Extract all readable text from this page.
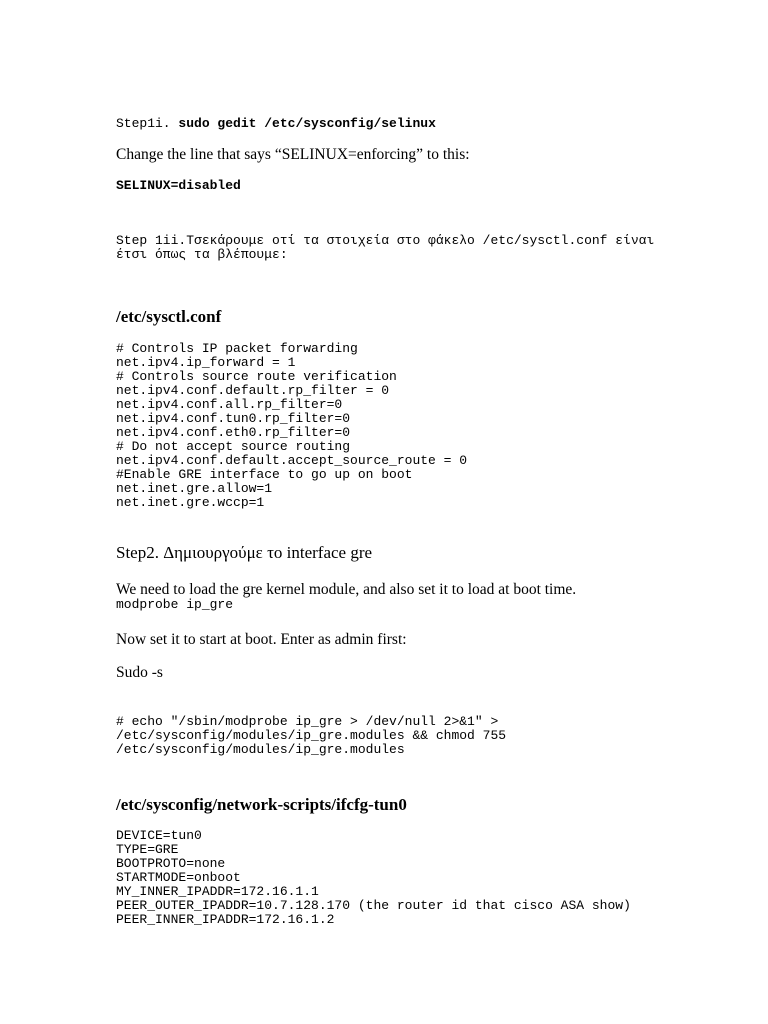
Step1i. sudo gedit /etc/sysconfig/selinux

Change the line that says “SELINUX=enforcing” to this:

SELINUX=disabled

Step 1ii.Τσεκάρουμε οτί τα στοιχεία στο φάκελο /etc/sysctl.conf είναι

έτσι όπως τα βλέπουμε:

/etc/sysctl.conf

# Controls IP packet forwarding

net.ipv4.ip_forward = 1

# Controls source route verification

net.ipv4.conf.default.rp_filter = 0

net.ipv4.conf.all.rp_filter=0

net.ipv4.conf.tun0.rp_filter=0

net.ipv4.conf.eth0.rp_filter=0

# Do not accept source routing

net.ipv4.conf.default.accept_source_route = 0

#Enable GRE interface to go up on boot

net.inet.gre.allow=1

net.inet.gre.wccp=1

Step2. Δημιουργούμε το interface gre

We need to load the gre kernel module, and also set it to load at boot time.

modprobe ip_gre

Now set it to start at boot. Enter as admin first:

Sudo -s

# echo "/sbin/modprobe ip_gre > /dev/null 2>&1" >

/etc/sysconfig/modules/ip_gre.modules && chmod 755

/etc/sysconfig/modules/ip_gre.modules

/etc/sysconfig/network-scripts/ifcfg-tun0

DEVICE=tun0

TYPE=GRE

BOOTPROTO=none

STARTMODE=onboot

MY_INNER_IPADDR=172.16.1.1

PEER_OUTER_IPADDR=10.7.128.170 (the router id that cisco ASA show)

PEER_INNER_IPADDR=172.16.1.2
